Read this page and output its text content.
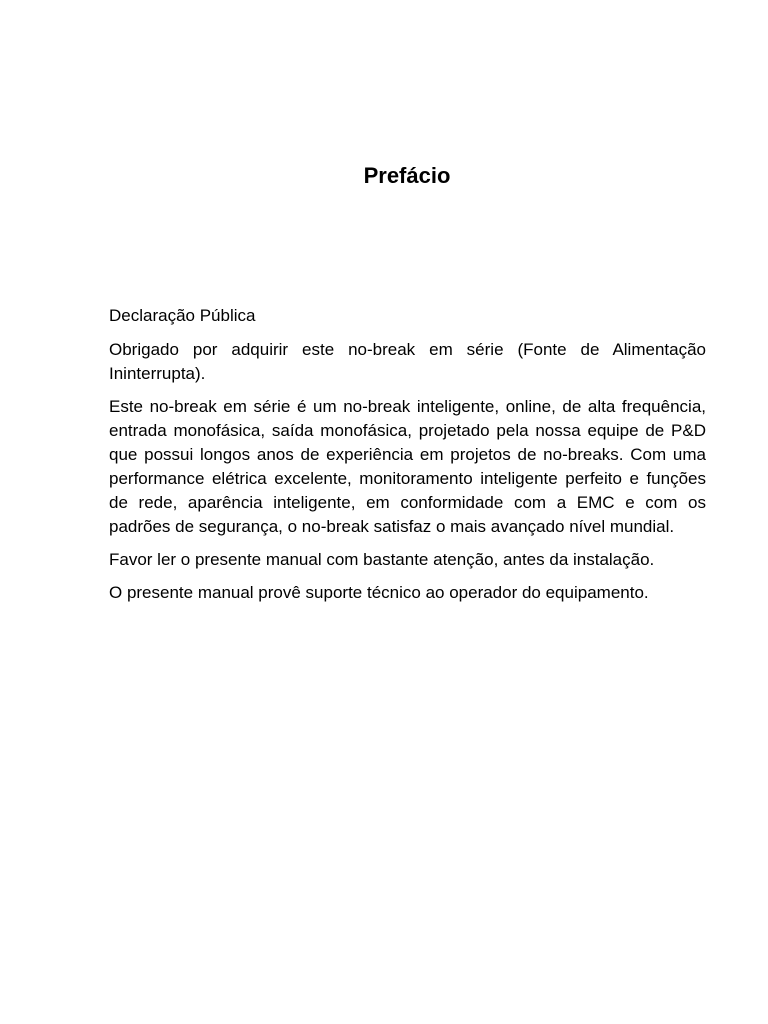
Prefácio

Declaração Pública

Obrigado por adquirir este no-break em série (Fonte de Alimentação Ininterrupta).

Este no-break em série é um no-break inteligente, online, de alta frequência, entrada monofásica, saída monofásica, projetado pela nossa equipe de P&D que possui longos anos de experiência em projetos de no-breaks. Com uma performance elétrica excelente, monitoramento inteligente perfeito e funções de rede, aparência inteligente, em conformidade com a EMC e com os padrões de segurança, o no-break satisfaz o mais avançado nível mundial.

Favor ler o presente manual com bastante atenção, antes da instalação.

O presente manual provê suporte técnico ao operador do equipamento.
